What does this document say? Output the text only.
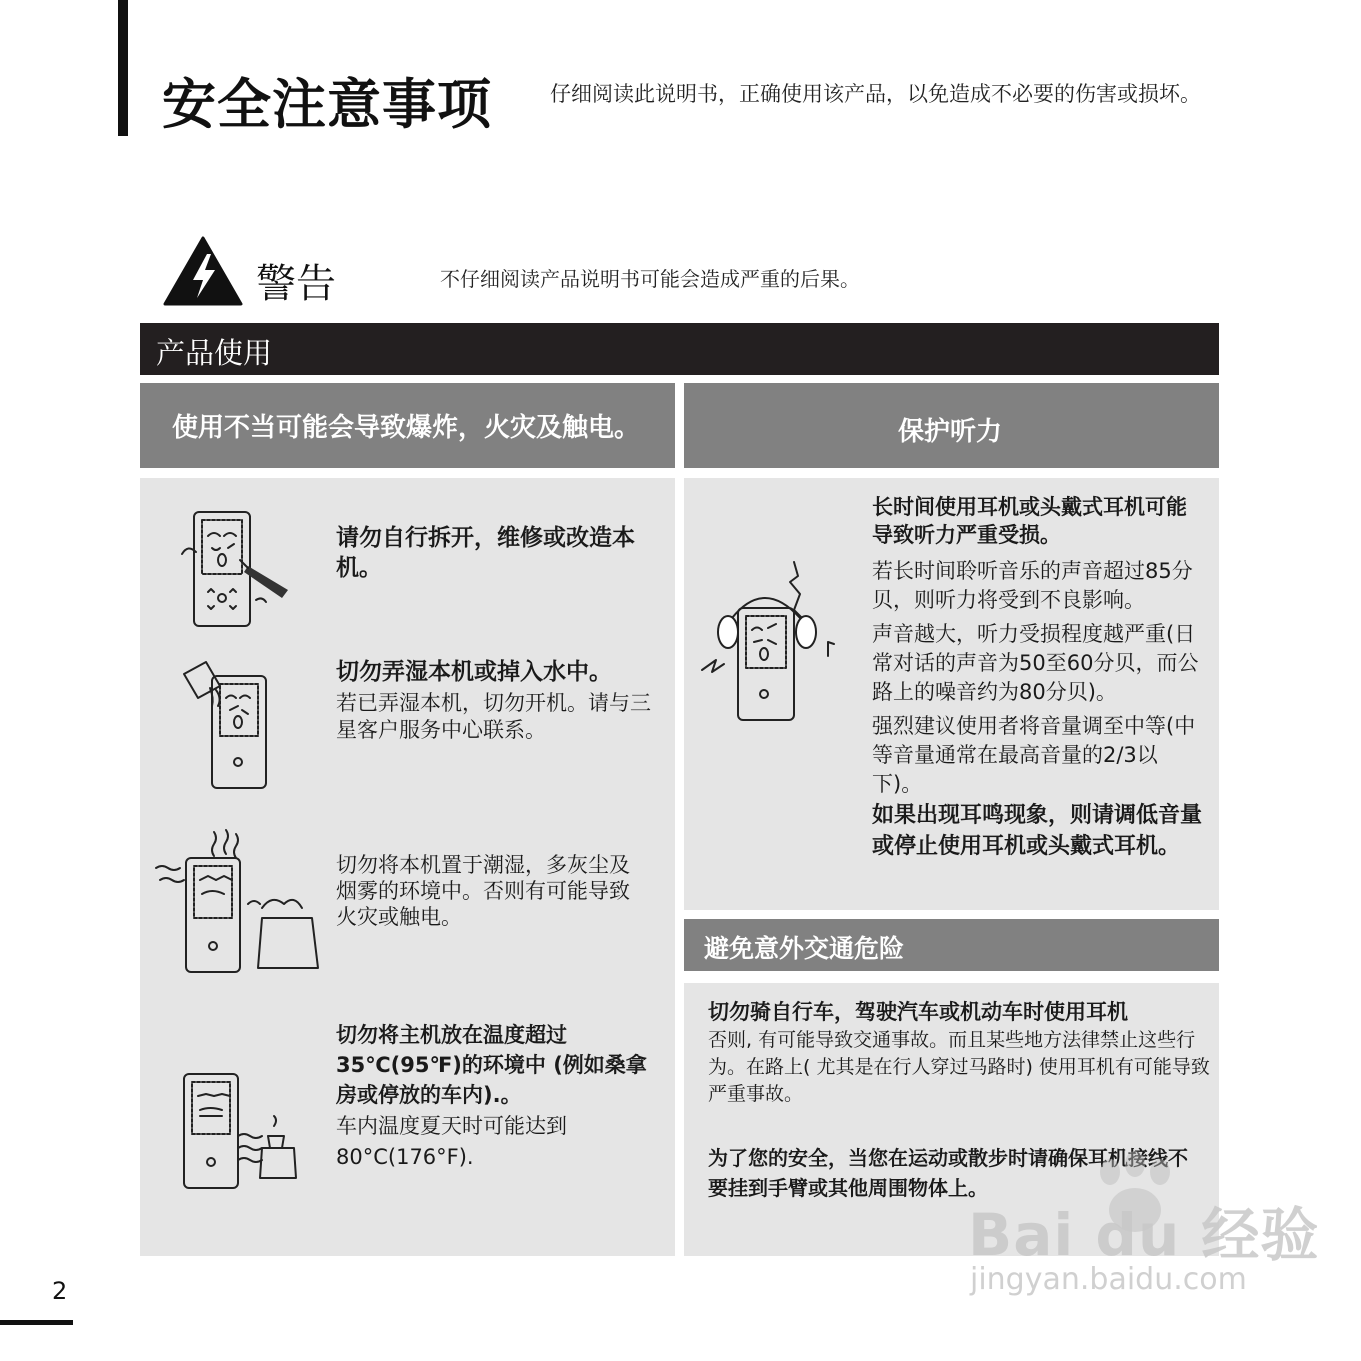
安全注意事项	仔细阅读此说明书，正确使用该产品，以免造成不必要的伤害或损坏。
警告	不仔细阅读产品说明书可能会造成严重的后果。
产品使用
使用不当可能会导致爆炸，火灾及触电。	保护听力
避免意外交通危险
请勿自行拆开，维修或改造本机。
切勿弄湿本机或掉入水中。
若已弄湿本机，切勿开机。请与三星客户服务中心联系。
切勿将本机置于潮湿，多灰尘及烟雾的环境中。否则有可能导致火灾或触电。
切勿将主机放在温度超过35℃(95℉)的环境中 (例如桑拿房或停放的车内).。
车内温度夏天时可能达到80°C(176°F).
长时间使用耳机或头戴式耳机可能导致听力严重受损。
若长时间聆听音乐的声音超过85分贝，则听力将受到不良影响。
声音越大，听力受损程度越严重(日常对话的声音为50至60分贝，而公路上的噪音约为80分贝)。
强烈建议使用者将音量调至中等(中等音量通常在最高音量的2/3以下)。
如果出现耳鸣现象，则请调低音量或停止使用耳机或头戴式耳机。
切勿骑自行车，驾驶汽车或机动车时使用耳机
否则, 有可能导致交通事故。而且某些地方法律禁止这些行为。在路上( 尤其是在行人穿过马路时) 使用耳机有可能导致严重事故。
为了您的安全，当您在运动或散步时请确保耳机接线不要挂到手臂或其他周围物体上。
2
Bai du 经验
jingyan.baidu.com
